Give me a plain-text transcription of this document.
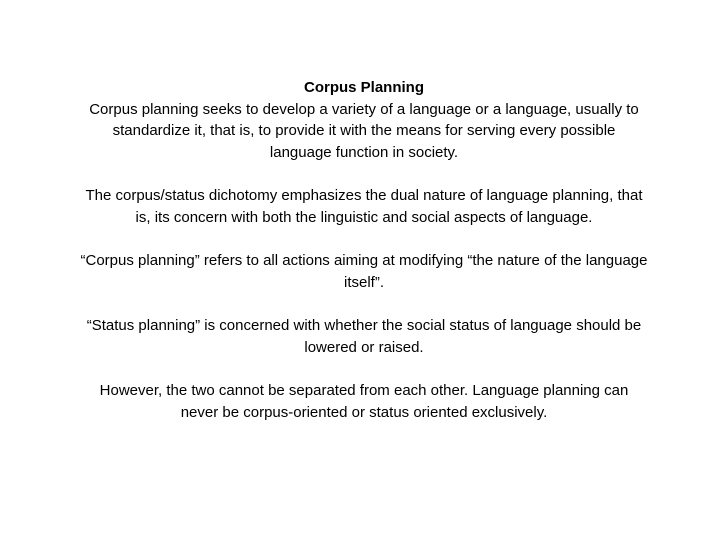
Corpus Planning

Corpus planning seeks to develop a variety of a language or a language, usually to standardize it, that is, to provide it with the means for serving every possible language function in society.

The corpus/status dichotomy emphasizes the dual nature of language planning, that is, its concern with both the linguistic and social aspects of language.

“Corpus planning” refers to all actions aiming at modifying “the nature of the language itself”.

“Status planning” is concerned with whether the social status of language should be lowered or raised.

However, the two cannot be separated from each other. Language planning can never be corpus-oriented or status oriented exclusively.
